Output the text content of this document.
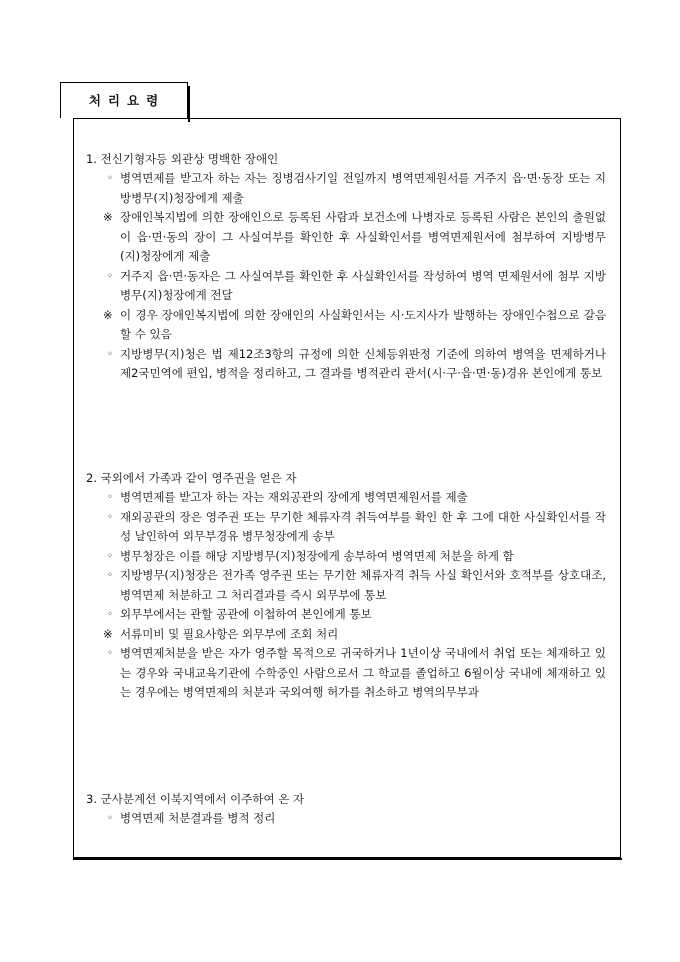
처리요령
1. 전신기형자등 외관상 명백한 장애인
◦ 병역면제를 받고자 하는 자는 징병검사기일 전일까지 병역면제원서를 거주지 읍·면·동장 또는 지방병무(지)청장에게 제출
※ 장애인복지법에 의한 장애인으로 등록된 사람과 보건소에 나병자로 등록된 사람은 본인의 출원없이 읍·면·동의 장이 그 사실여부를 확인한 후 사실확인서를 병역면제원서에 첨부하여 지방병무(지)청장에게 제출
◦ 거주지 읍·면·동자은 그 사실여부를 확인한 후 사실확인서를 작성하여 병역 면제원서에 첨부 지방병무(지)청장에게 전달
※ 이 경우 장애인복지법에 의한 장애인의 사실확인서는 시·도지사가 발행하는 장애인수첩으로 갈음할 수 있음
◦ 지방병무(지)청은 법 제12조3항의 규정에 의한 신체등위판정 기준에 의하여 병역을 면제하거나 제2국민역에 편입, 병적을 정리하고, 그 결과를 병적관리 관서(시·구·읍·면·동)경유 본인에게 통보
2. 국외에서 가족과 같이 영주권을 얻은 자
◦ 병역면제를 받고자 하는 자는 재외공관의 장에게 병역면제원서를 제출
◦ 재외공관의 장은 영주권 또는 무기한 체류자격 취득여부를 확인 한 후 그에 대한 사실확인서를 작성 날인하여 외무부경유 병무청장에게 송부
◦ 병무청장은 이를 해당 지방병무(지)청장에게 송부하여 병역면제 처분을 하게 함
◦ 지방병무(지)청장은 전가족 영주권 또는 무기한 체류자격 취득 사실 확인서와 호적부를 상호대조, 병역면제 처분하고 그 처리결과를 즉시 외무부에 통보
◦ 외무부에서는 관할 공관에 이첩하여 본인에게 통보
※ 서류미비 및 필요사항은 외무부에 조회 처리
◦ 병역면제처분을 받은 자가 영주할 목적으로 귀국하거나 1년이상 국내에서 취업 또는 체재하고 있는 경우와 국내교육기관에 수학중인 사람으로서 그 학교를 졸업하고 6월이상 국내에 체재하고 있는 경우에는 병역면제의 처분과 국외여행 허가를 취소하고 병역의무부과
3. 군사분계선 이북지역에서 이주하여 온 자
◦ 병역면제 처분결과를 병적 정리
